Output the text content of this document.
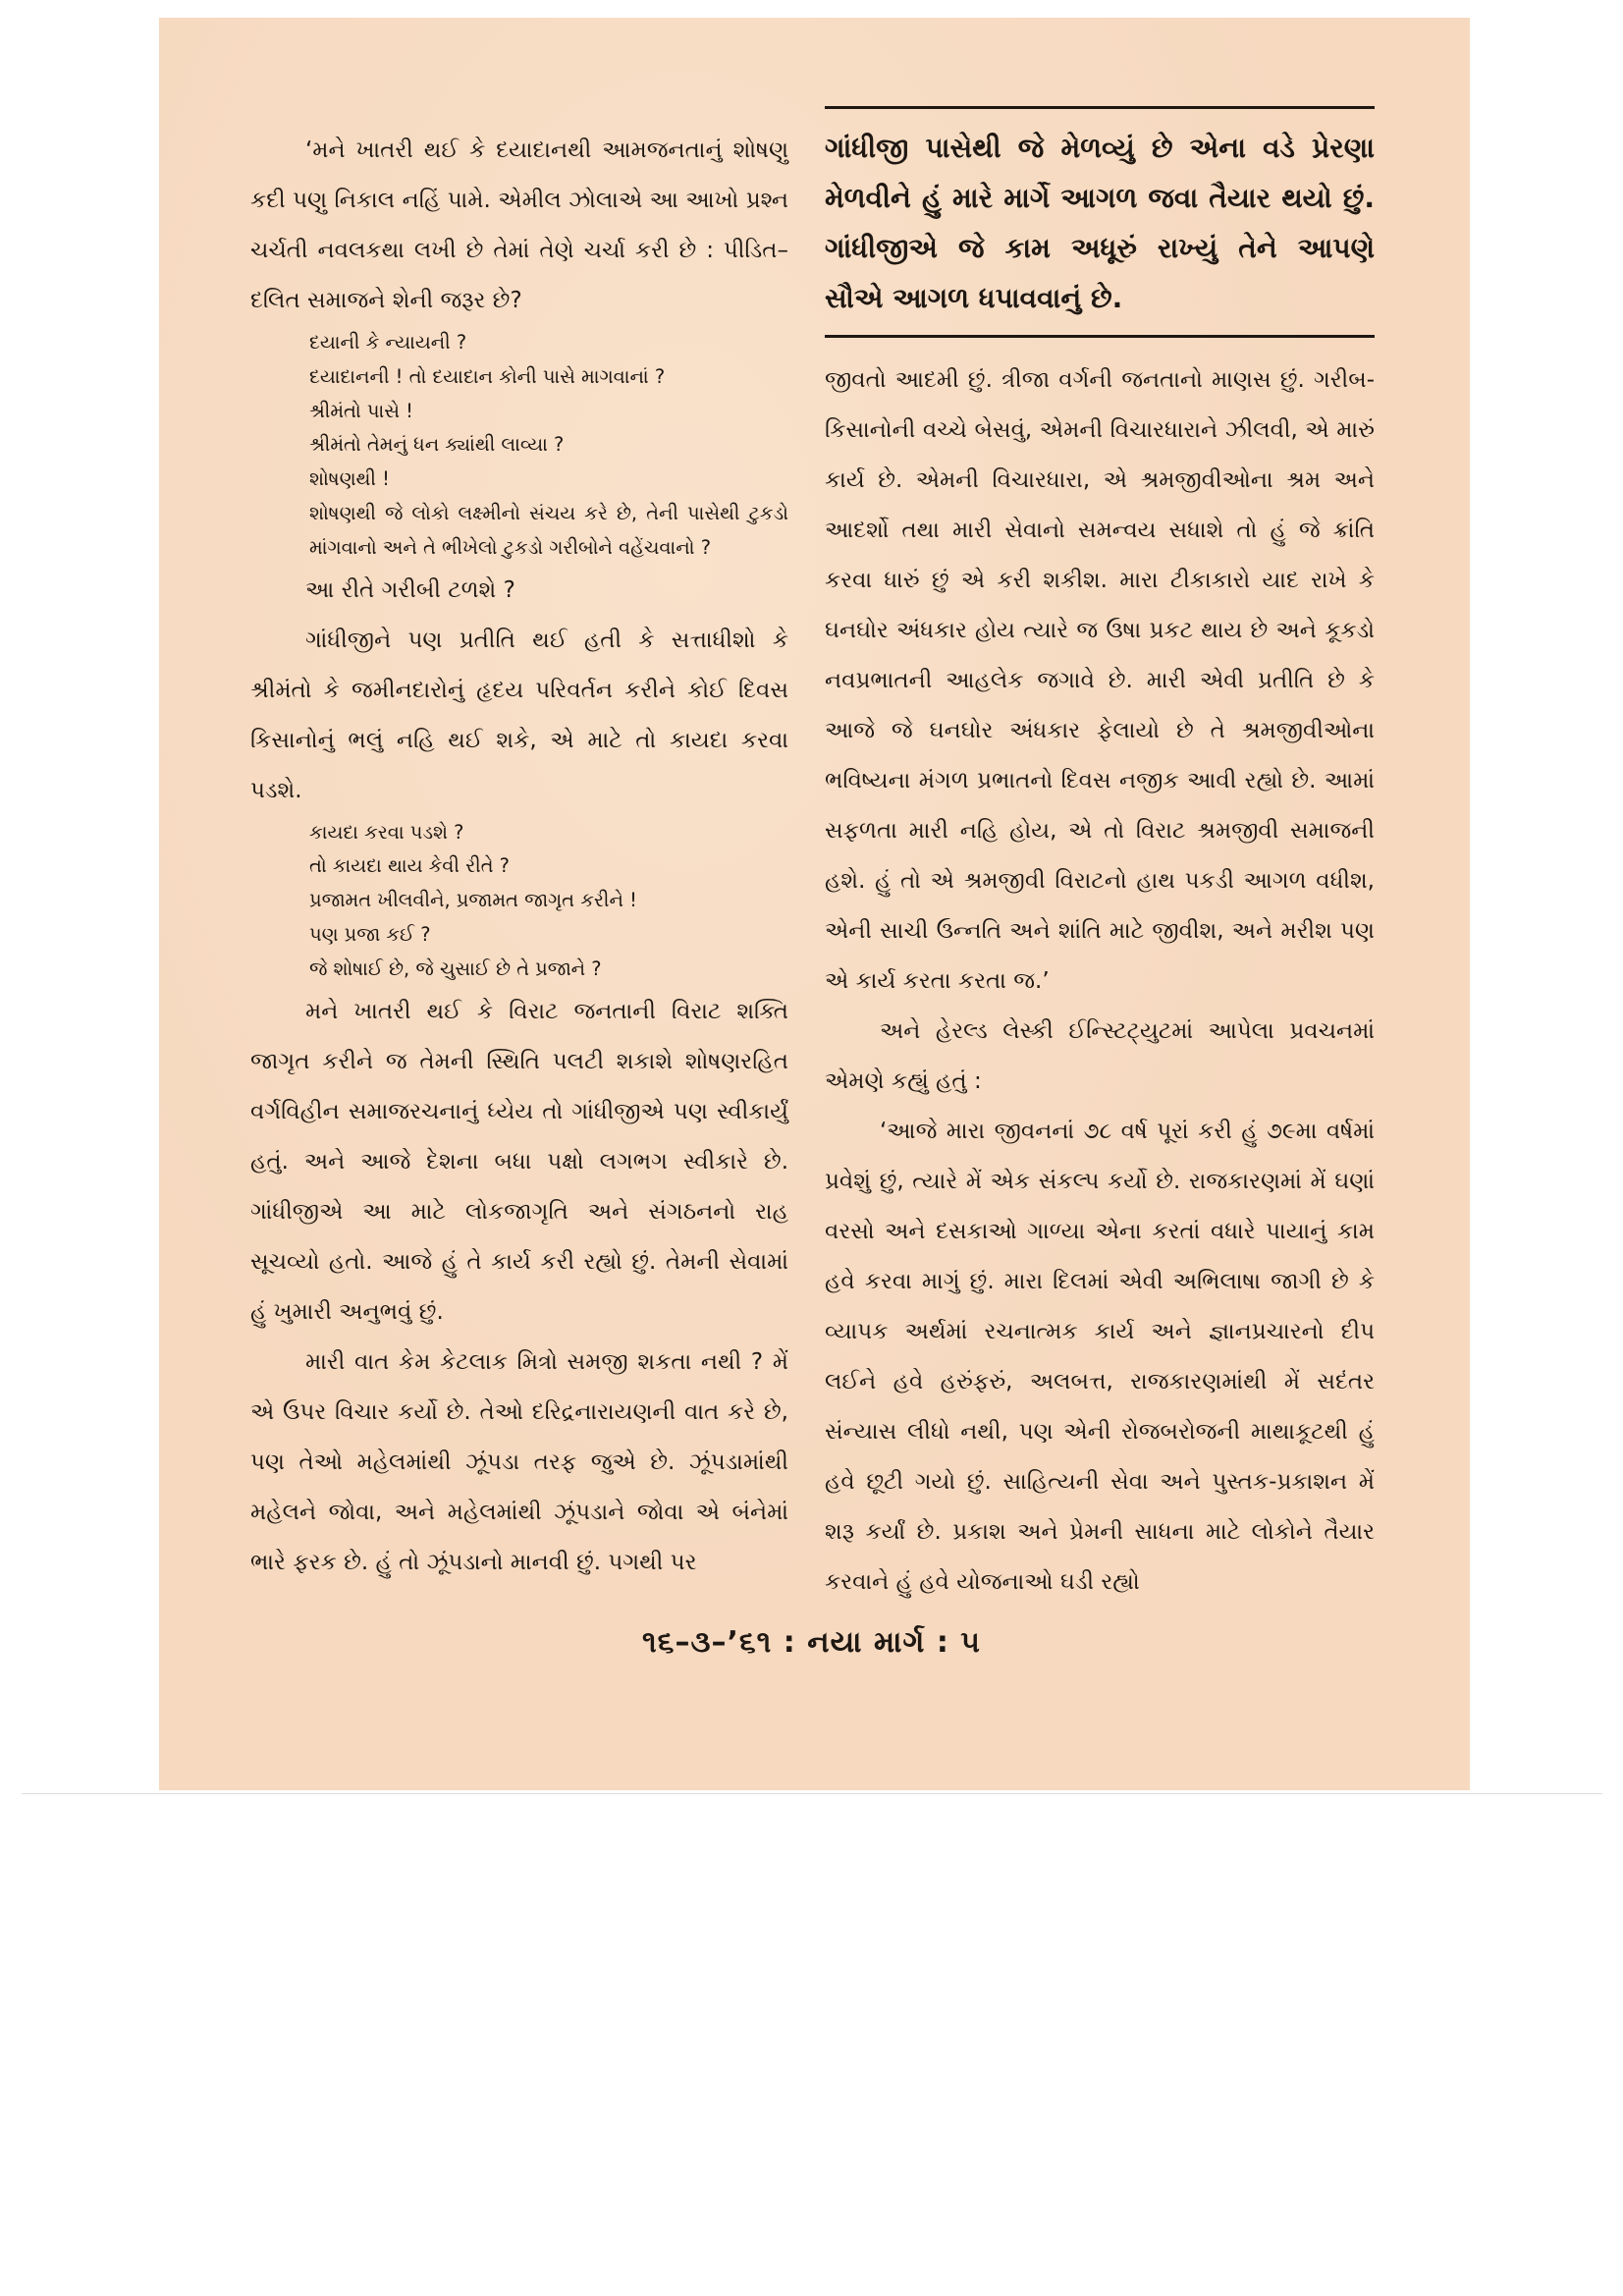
ગાંધીજી પાસેથી જે મેળવ્યું છે એના વડે પ્રેરણા મેળવીને હું મારે માર્ગે આગળ જવા તૈયાર થયો છું. ગાંધીજીએ જે કામ અધૂરું રાખ્યું તેને આપણે સૌએ આગળ ધપાવવાનું છે.

‘મને ખાતરી થઈ કે દયાદાનથી આમજનતાનું શોષણુ કદી પણુ નિકાલ નહિં પામે. એમીલ ઝોલાએ આ આખો પ્રશ્ન ચર્ચતી નવલકથા લખી છે તેમાં તેણે ચર્ચા કરી છે : પીડિત–દલિત સમાજને શેની જરૂર છે?

દયાની કે ન્યાયની ?

દયાદાનની ! તો દયાદાન કોની પાસે માગવાનાં ?

શ્રીમંતો પાસે !

શ્રીમંતો તેમનું ધન ક્યાંથી લાવ્યા ?

શોષણથી !

શોષણથી જે લોકો લક્ષ્મીનો સંચય કરે છે, તેની પાસેથી ટુકડો માંગવાનો અને તે ભીખેલો ટુકડો ગરીબોને વહેંચવાનો ?

આ રીતે ગરીબી ટળશે ?

ગાંધીજીને પણ પ્રતીતિ થઈ હતી કે સત્તાધીશો કે શ્રીમંતો કે જમીનદારોનું હૃદય પરિવર્તન કરીને કોઈ દિવસ કિસાનોનું ભલું નહિ થઈ શકે, એ માટે તો કાયદા કરવા પડશે.

કાયદા કરવા પડશે ?

તો કાયદા થાય કેવી રીતે ?

પ્રજામત ખીલવીને, પ્રજામત જાગૃત કરીને !

પણ પ્રજા કઈ ?

જે શોષાઈ છે, જે ચુસાઈ છે તે પ્રજાને ?

મને ખાતરી થઈ કે વિરાટ જનતાની વિરાટ શક્તિ જાગૃત કરીને જ તેમની સ્થિતિ પલટી શકાશે શોષણરહિત વર્ગવિહીન સમાજરચનાનું ધ્યેય તો ગાંધીજીએ પણ સ્વીકાર્યું હતું. અને આજે દેશના બધા પક્ષો લગભગ સ્વીકારે છે. ગાંધીજીએ આ માટે લોકજાગૃતિ અને સંગઠનનો રાહ સૂચવ્યો હતો. આજે હું તે કાર્ય કરી રહ્યો છું. તેમની સેવામાં હું ખુમારી અનુભવું છું.

મારી વાત કેમ કેટલાક મિત્રો સમજી શકતા નથી ? મેં એ ઉપર વિચાર કર્યો છે. તેઓ દરિદ્રનારાયણની વાત કરે છે, પણ તેઓ મહેલમાંથી ઝૂંપડા તરફ જુએ છે. ઝૂંપડામાંથી મહેલને જોવા, અને મહેલમાંથી ઝૂંપડાને જોવા એ બંનેમાં ભારે ફરક છે. હું તો ઝૂંપડાનો માનવી છું. પગથી પર

જીવતો આદમી છું. ત્રીજા વર્ગની જનતાનો માણસ છું. ગરીબ-કિસાનોની વચ્ચે બેસવું, એમની વિચારધારાને ઝીલવી, એ મારું કાર્ય છે. એમની વિચારધારા, એ શ્રમજીવીઓના શ્રમ અને આદર્શો તથા મારી સેવાનો સમન્વય સધાશે તો હું જે ક્રાંતિ કરવા ધારું છું એ કરી શકીશ. મારા ટીકાકારો યાદ રાખે કે ઘનઘોર અંધકાર હોય ત્યારે જ ઉષા પ્રકટ થાય છે અને કૂકડો નવપ્રભાતની આહલેક જગાવે છે. મારી એવી પ્રતીતિ છે કે આજે જે ઘનઘોર અંધકાર ફેલાયો છે તે શ્રમજીવીઓના ભવિષ્યના મંગળ પ્રભાતનો દિવસ નજીક આવી રહ્યો છે. આમાં સફળતા મારી નહિ હોય, એ તો વિરાટ શ્રમજીવી સમાજની હશે. હું તો એ શ્રમજીવી વિરાટનો હાથ પકડી આગળ વધીશ, એની સાચી ઉન્નતિ અને શાંતિ માટે જીવીશ, અને મરીશ પણ એ કાર્ય કરતા કરતા જ.’

અને હેરલ્ડ લેસ્કી ઈન્સ્ટિટ્યુટમાં આપેલા પ્રવચનમાં એમણે કહ્યું હતું :

‘આજે મારા જીવનનાં ૭૮ વર્ષ પૂરાં કરી હું ૭૯મા વર્ષમાં પ્રવેશું છું, ત્યારે મેં એક સંકલ્પ કર્યો છે. રાજકારણમાં મેં ઘણાં વરસો અને દસકાઓ ગાળ્યા એના કરતાં વધારે પાયાનું કામ હવે કરવા માગું છું. મારા દિલમાં એવી અભિલાષા જાગી છે કે વ્યાપક અર્થમાં રચનાત્મક કાર્ય અને જ્ઞાનપ્રચારનો દીપ લઈને હવે હરુંફરું, અલબત્ત, રાજકારણમાંથી મેં સદંતર સંન્યાસ લીધો નથી, પણ એની રોજબરોજની માથાકૂટથી હું હવે છૂટી ગયો છું. સાહિત્યની સેવા અને પુસ્તક-પ્રકાશન મેં શરૂ કર્યાં છે. પ્રકાશ અને પ્રેમની સાધના માટે લોકોને તૈયાર કરવાને હું હવે યોજનાઓ ઘડી રહ્યો

૧૬–૩–’૬૧ : નયા માર્ગ : ૫
